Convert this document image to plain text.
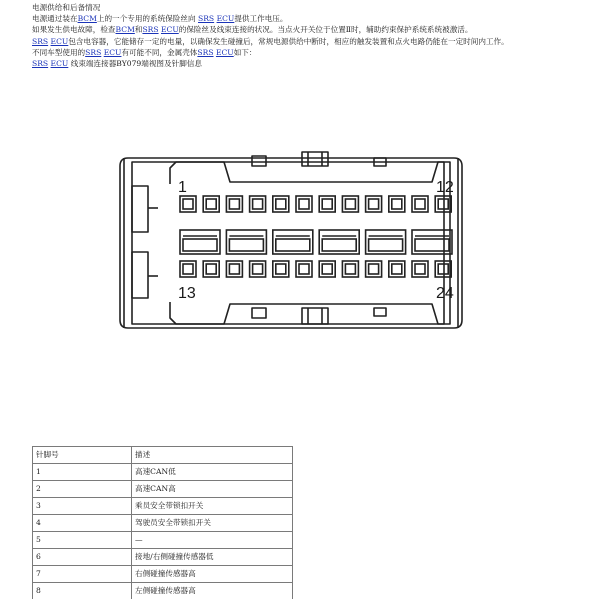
电源供给和后备情况

电源通过装在BCM上的一个专用的系统保险丝向 SRS ECU提供工作电压。

如果发生供电故障，检查BCM和SRS ECU的保险丝及线束连接的状况。当点火开关位于位置Ⅱ时，辅助约束保护系统系统被激活。

SRS ECU包含电容器，它能储存一定的电量，以确保发生碰撞后，常规电源供给中断时，相应的触发装置和点火电路仍能在一定时间内工作。

不同车型使用的SRS ECU有可能不同，金属壳体SRS ECU如下：

SRS ECU 线束端连接器BY079端视图及针脚信息

1	12
13	24
针脚号	描述
1	高速CAN低
2	高速CAN高
3	乘员安全带锁扣开关
4	驾驶员安全带锁扣开关
5	—
6	接地/右侧碰撞传感器低
7	右侧碰撞传感器高
8	左侧碰撞传感器高
